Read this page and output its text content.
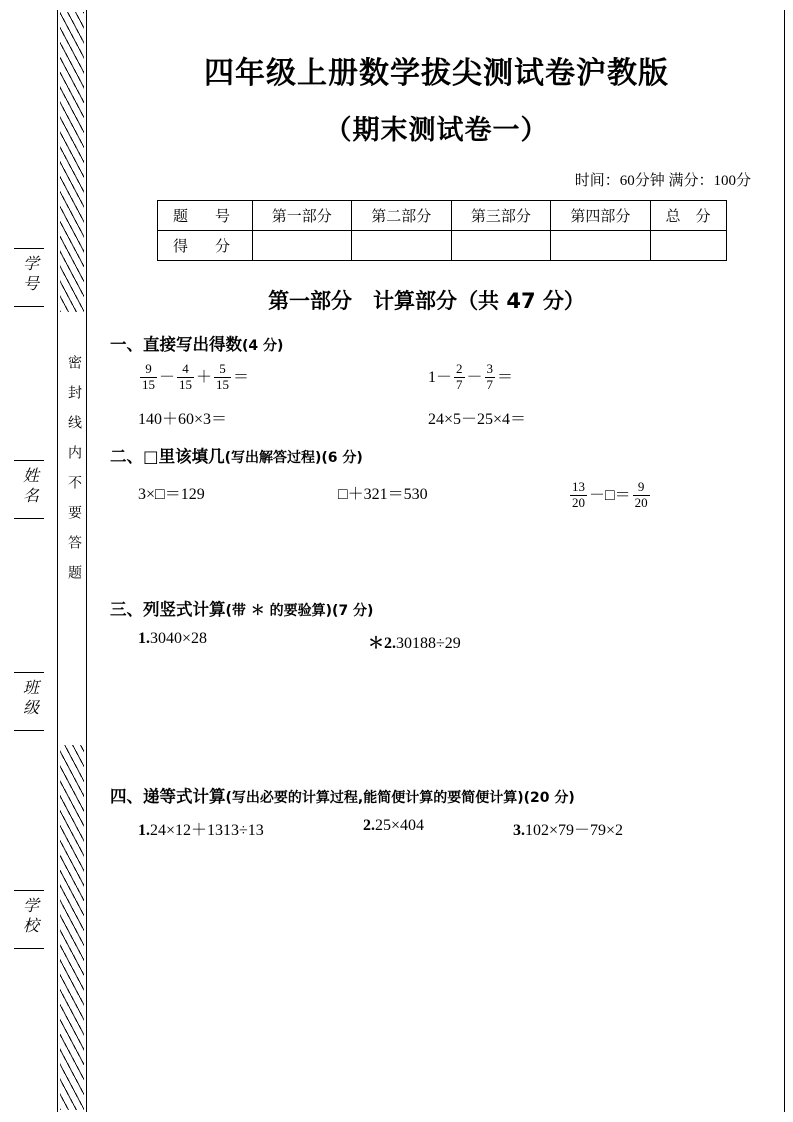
密封线内不要答题
学号
姓名
班级
学校
四年级上册数学拔尖测试卷沪教版
（期末测试卷一）
时间：60分钟 满分：100分
题　号	第一部分	第二部分	第三部分	第四部分	总　分
得　分					
第一部分　计算部分（共 47 分）
一、直接写出得数(4 分)
$\frac{9}{15} - \frac{4}{15} + \frac{5}{15}$ ＝	$1- \frac{2}{7} - \frac{3}{7}$ ＝
140＋60×3＝	24×5－25×4＝
二、□里该填几(写出解答过程)(6 分)
3×□＝129	□＋321＝530	$\frac{13}{20}$ －□＝ $\frac{9}{20}$
三、列竖式计算(带 ＊ 的要验算)(7 分)
1.3040×28	＊2.30188÷29
四、递等式计算(写出必要的计算过程,能简便计算的要简便计算)(20 分)
1.24×12＋1313÷13	2.25×404	3.102×79－79×2
